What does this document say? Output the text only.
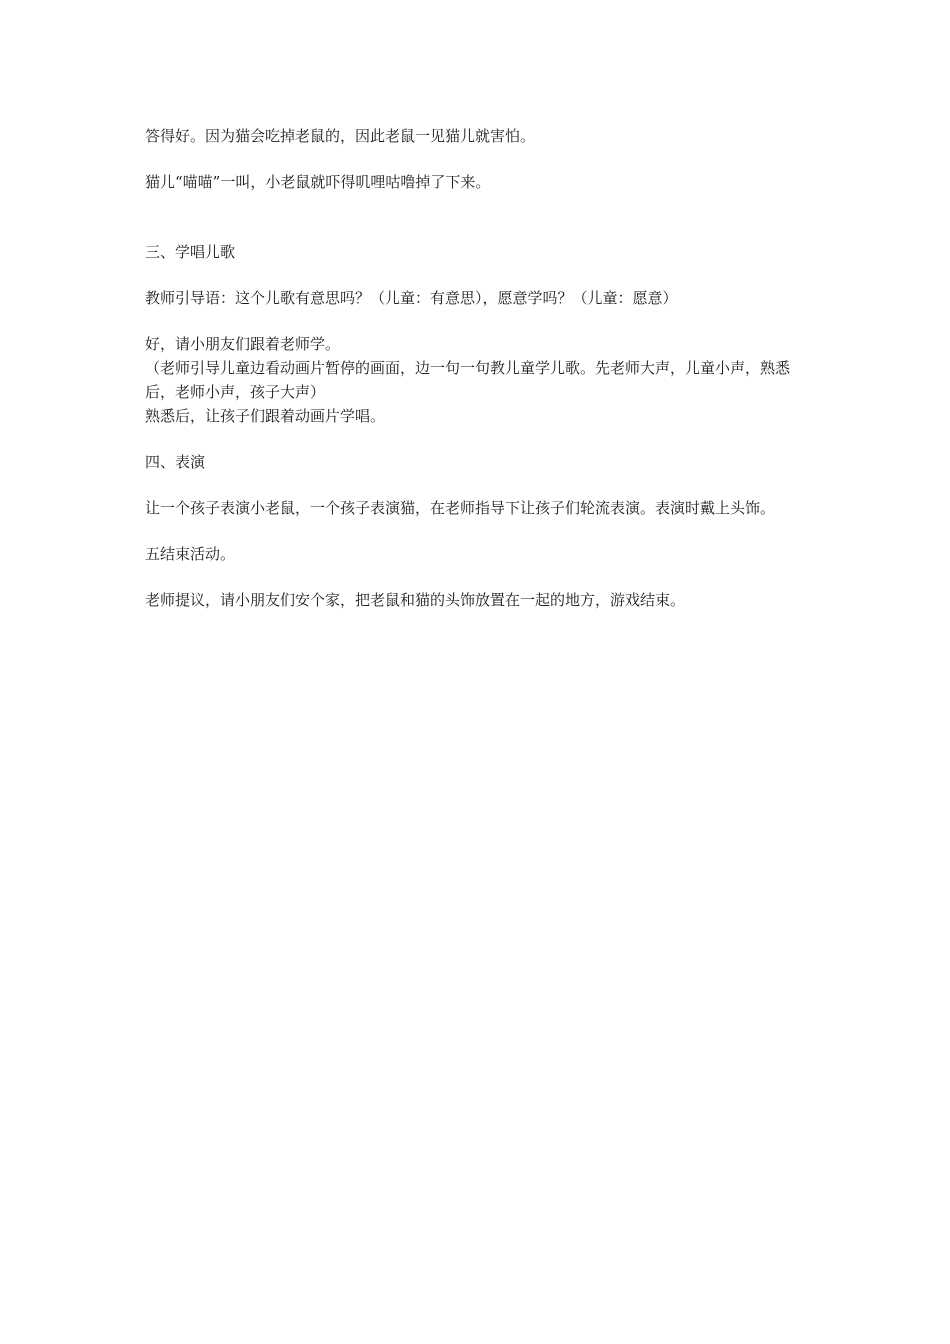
答得好。因为猫会吃掉老鼠的，因此老鼠一见猫儿就害怕。

猫儿“喵喵”一叫，小老鼠就吓得叽哩咕噜掉了下来。

三、学唱儿歌

教师引导语：这个儿歌有意思吗？（儿童：有意思），愿意学吗？（儿童：愿意）

好，请小朋友们跟着老师学。

（老师引导儿童边看动画片暂停的画面，边一句一句教儿童学儿歌。先老师大声，儿童小声，熟悉后，老师小声，孩子大声）

熟悉后，让孩子们跟着动画片学唱。

四、表演

让一个孩子表演小老鼠，一个孩子表演猫，在老师指导下让孩子们轮流表演。表演时戴上头饰。

五结束活动。

老师提议，请小朋友们安个家，把老鼠和猫的头饰放置在一起的地方，游戏结束。
